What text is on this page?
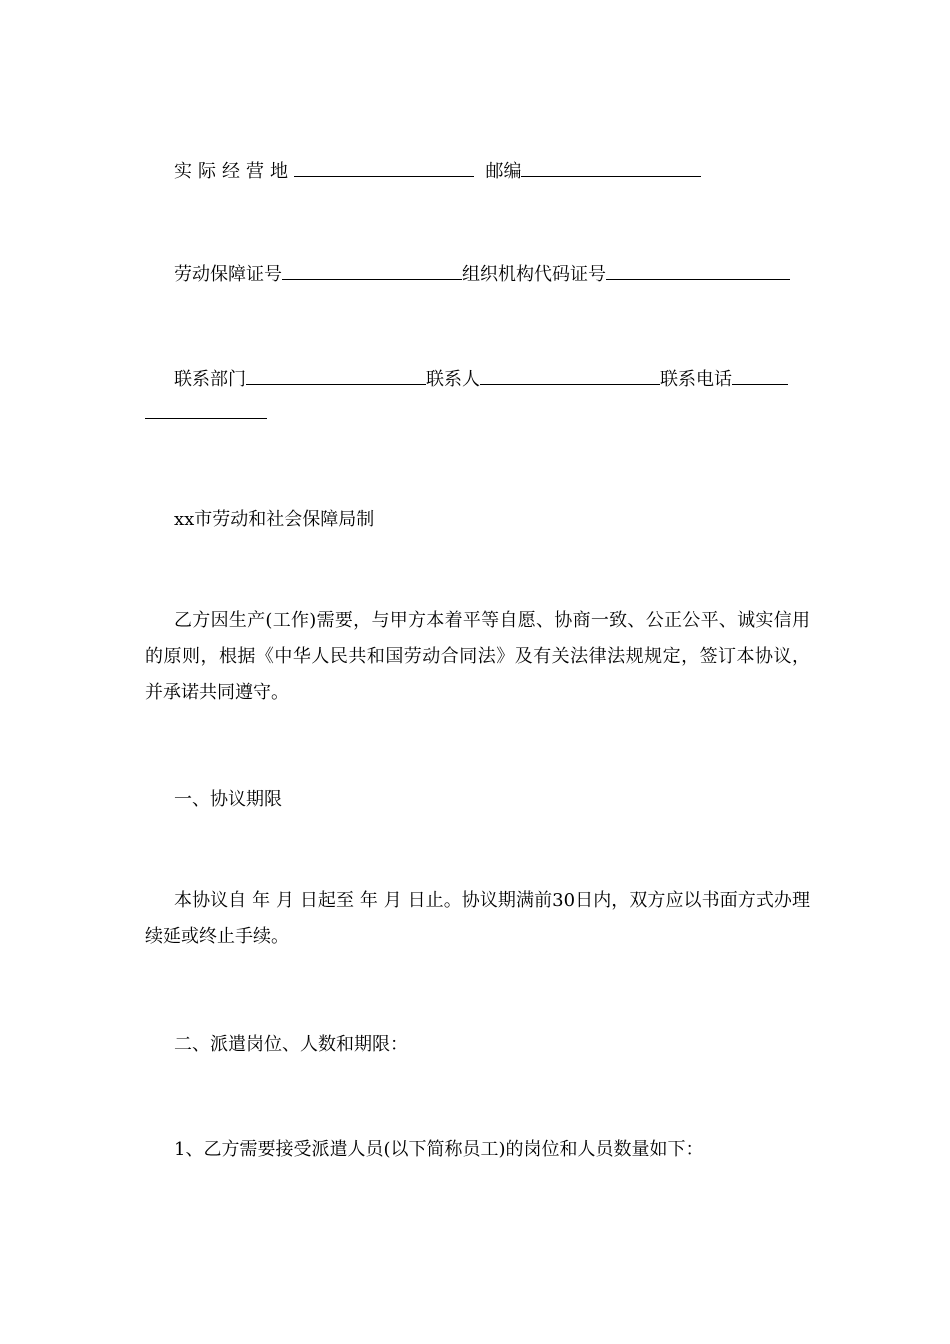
实际经营地	邮编
劳动保障证号	组织机构代码证号
联系部门	联系人	联系电话
xx市劳动和社会保障局制
乙方因生产(工作)需要，与甲方本着平等自愿、协商一致、公正公平、诚实信用的原则，根据《中华人民共和国劳动合同法》及有关法律法规规定，签订本协议，并承诺共同遵守。
一、协议期限
本协议自 年 月 日起至 年 月 日止。协议期满前30日内，双方应以书面方式办理续延或终止手续。
二、派遣岗位、人数和期限：
1、乙方需要接受派遣人员(以下简称员工)的岗位和人员数量如下：
